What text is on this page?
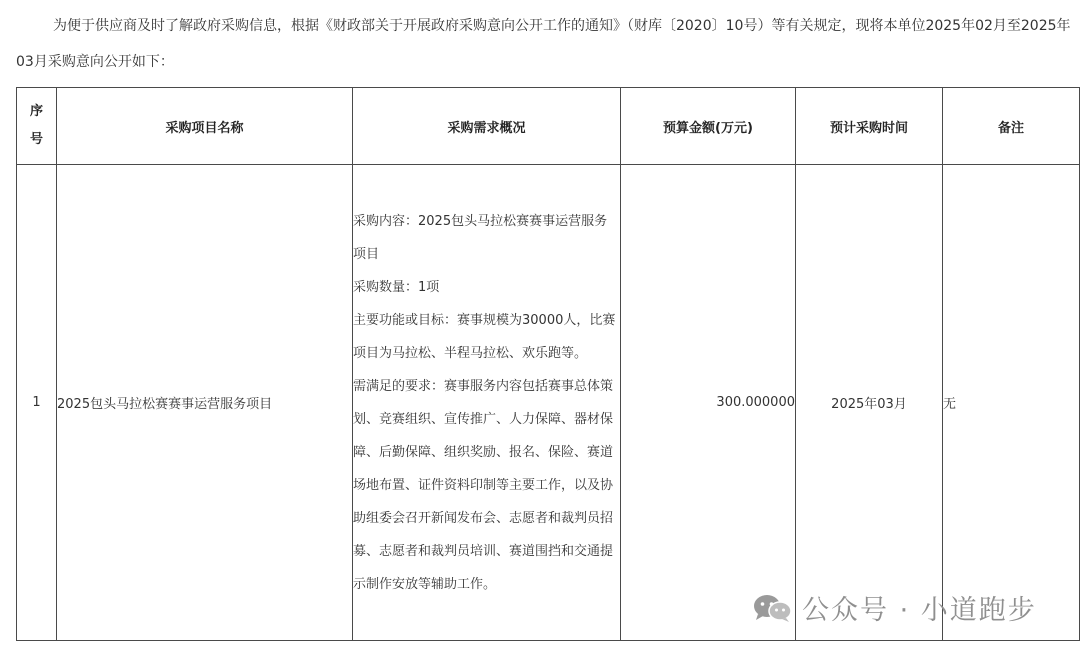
为便于供应商及时了解政府采购信息，根据《财政部关于开展政府采购意向公开工作的通知》（财库〔2020〕10号）等有关规定，现将本单位2025年02月至2025年03月采购意向公开如下：
序
号	采购项目名称	采购需求概况	预算金额(万元)	预计采购时间	备注
1	2025包头马拉松赛赛事运营服务项目	采购内容：2025包头马拉松赛赛事运营服务项目

采购数量：1项

主要功能或目标：赛事规模为30000人，比赛项目为马拉松、半程马拉松、欢乐跑等。

需满足的要求：赛事服务内容包括赛事总体策划、竞赛组织、宣传推广、人力保障、器材保障、后勤保障、组织奖励、报名、保险、赛道场地布置、证件资料印制等主要工作，以及协助组委会召开新闻发布会、志愿者和裁判员招募、志愿者和裁判员培训、赛道围挡和交通提示制作安放等辅助工作。	300.000000	2025年03月	无
公众号 · 小道跑步
